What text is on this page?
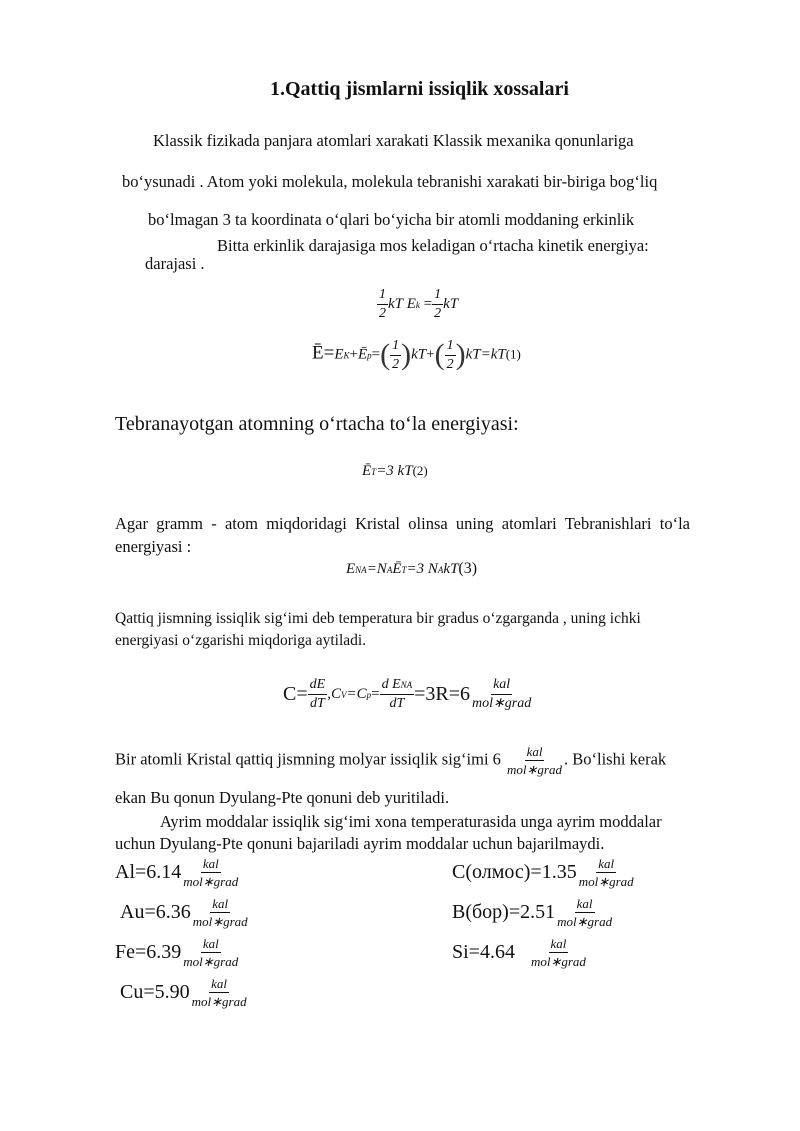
1.Qattiq jismlarni issiqlik xossalari
Klassik fizikada panjara atomlari xarakati Klassik mexanika qonunlariga
bo‘ysunadi . Atom yoki molekula, molekula tebranishi xarakati bir-biriga bog‘liq
bo‘lmagan 3 ta koordinata o‘qlari bo‘yicha bir atomli moddaning erkinlik
Bitta erkinlik darajasiga mos keladigan o‘rtacha kinetik energiya:
darajasi .
$\frac{1}{2}$ kT $Ek = \frac{1}{2}$ kT
Ē=EK+Ēp=( $\frac{1}{2} )kT+( \frac{1}{2} )kT=kT(1)$
Tebranayotgan atomning o‘rtacha to‘la energiyasi:
ĒT=3 kT(2)
Agar  gramm  -  atom  miqdoridagi  Kristal  olinsa  uning  atomlari  Tebranishlari  to‘la
energiyasi :
ENA=NAĒT=3 NAkT(3)
Qattiq jismning issiqlik sig‘imi deb temperatura bir gradus o‘zgarganda , uning ichki
energiyasi o‘zgarishi miqdoriga aytiladi.
$C= \frac{dE}{dT} ,CV=Cp= \frac{\text{d ENA}}{dT} =3R=6 \frac{\text{kal}}{\text{mol∗grad}}$
Bir atomli Kristal qattiq jismning molyar issiqlik sig‘imi $6 \frac{\text{kal}}{\text{mol∗grad}}$ . Bo‘lishi kerak
ekan Bu qonun Dyulang-Pte qonuni deb yuritiladi.
Ayrim moddalar issiqlik sig‘imi xona temperaturasida unga ayrim moddalar
uchun Dyulang-Pte qonuni bajariladi ayrim moddalar uchun bajarilmaydi.
$Al=6.14 \frac{\text{kal}}{\text{mol∗grad}}$
$Au=6.36 \frac{\text{kal}}{\text{mol∗grad}}$
$Fe=6.39 \frac{\text{kal}}{\text{mol∗grad}}$
$Cu=5.90 \frac{\text{kal}}{\text{mol∗grad}}$
C(олмос)=1.35 $\frac{\text{kal}}{\text{mol∗grad}}$
$B(бор)=2.51 \frac{\text{kal}}{\text{mol∗grad}}$
$Si=4.64 \frac{\text{kal}}{\text{mol∗grad}}$
